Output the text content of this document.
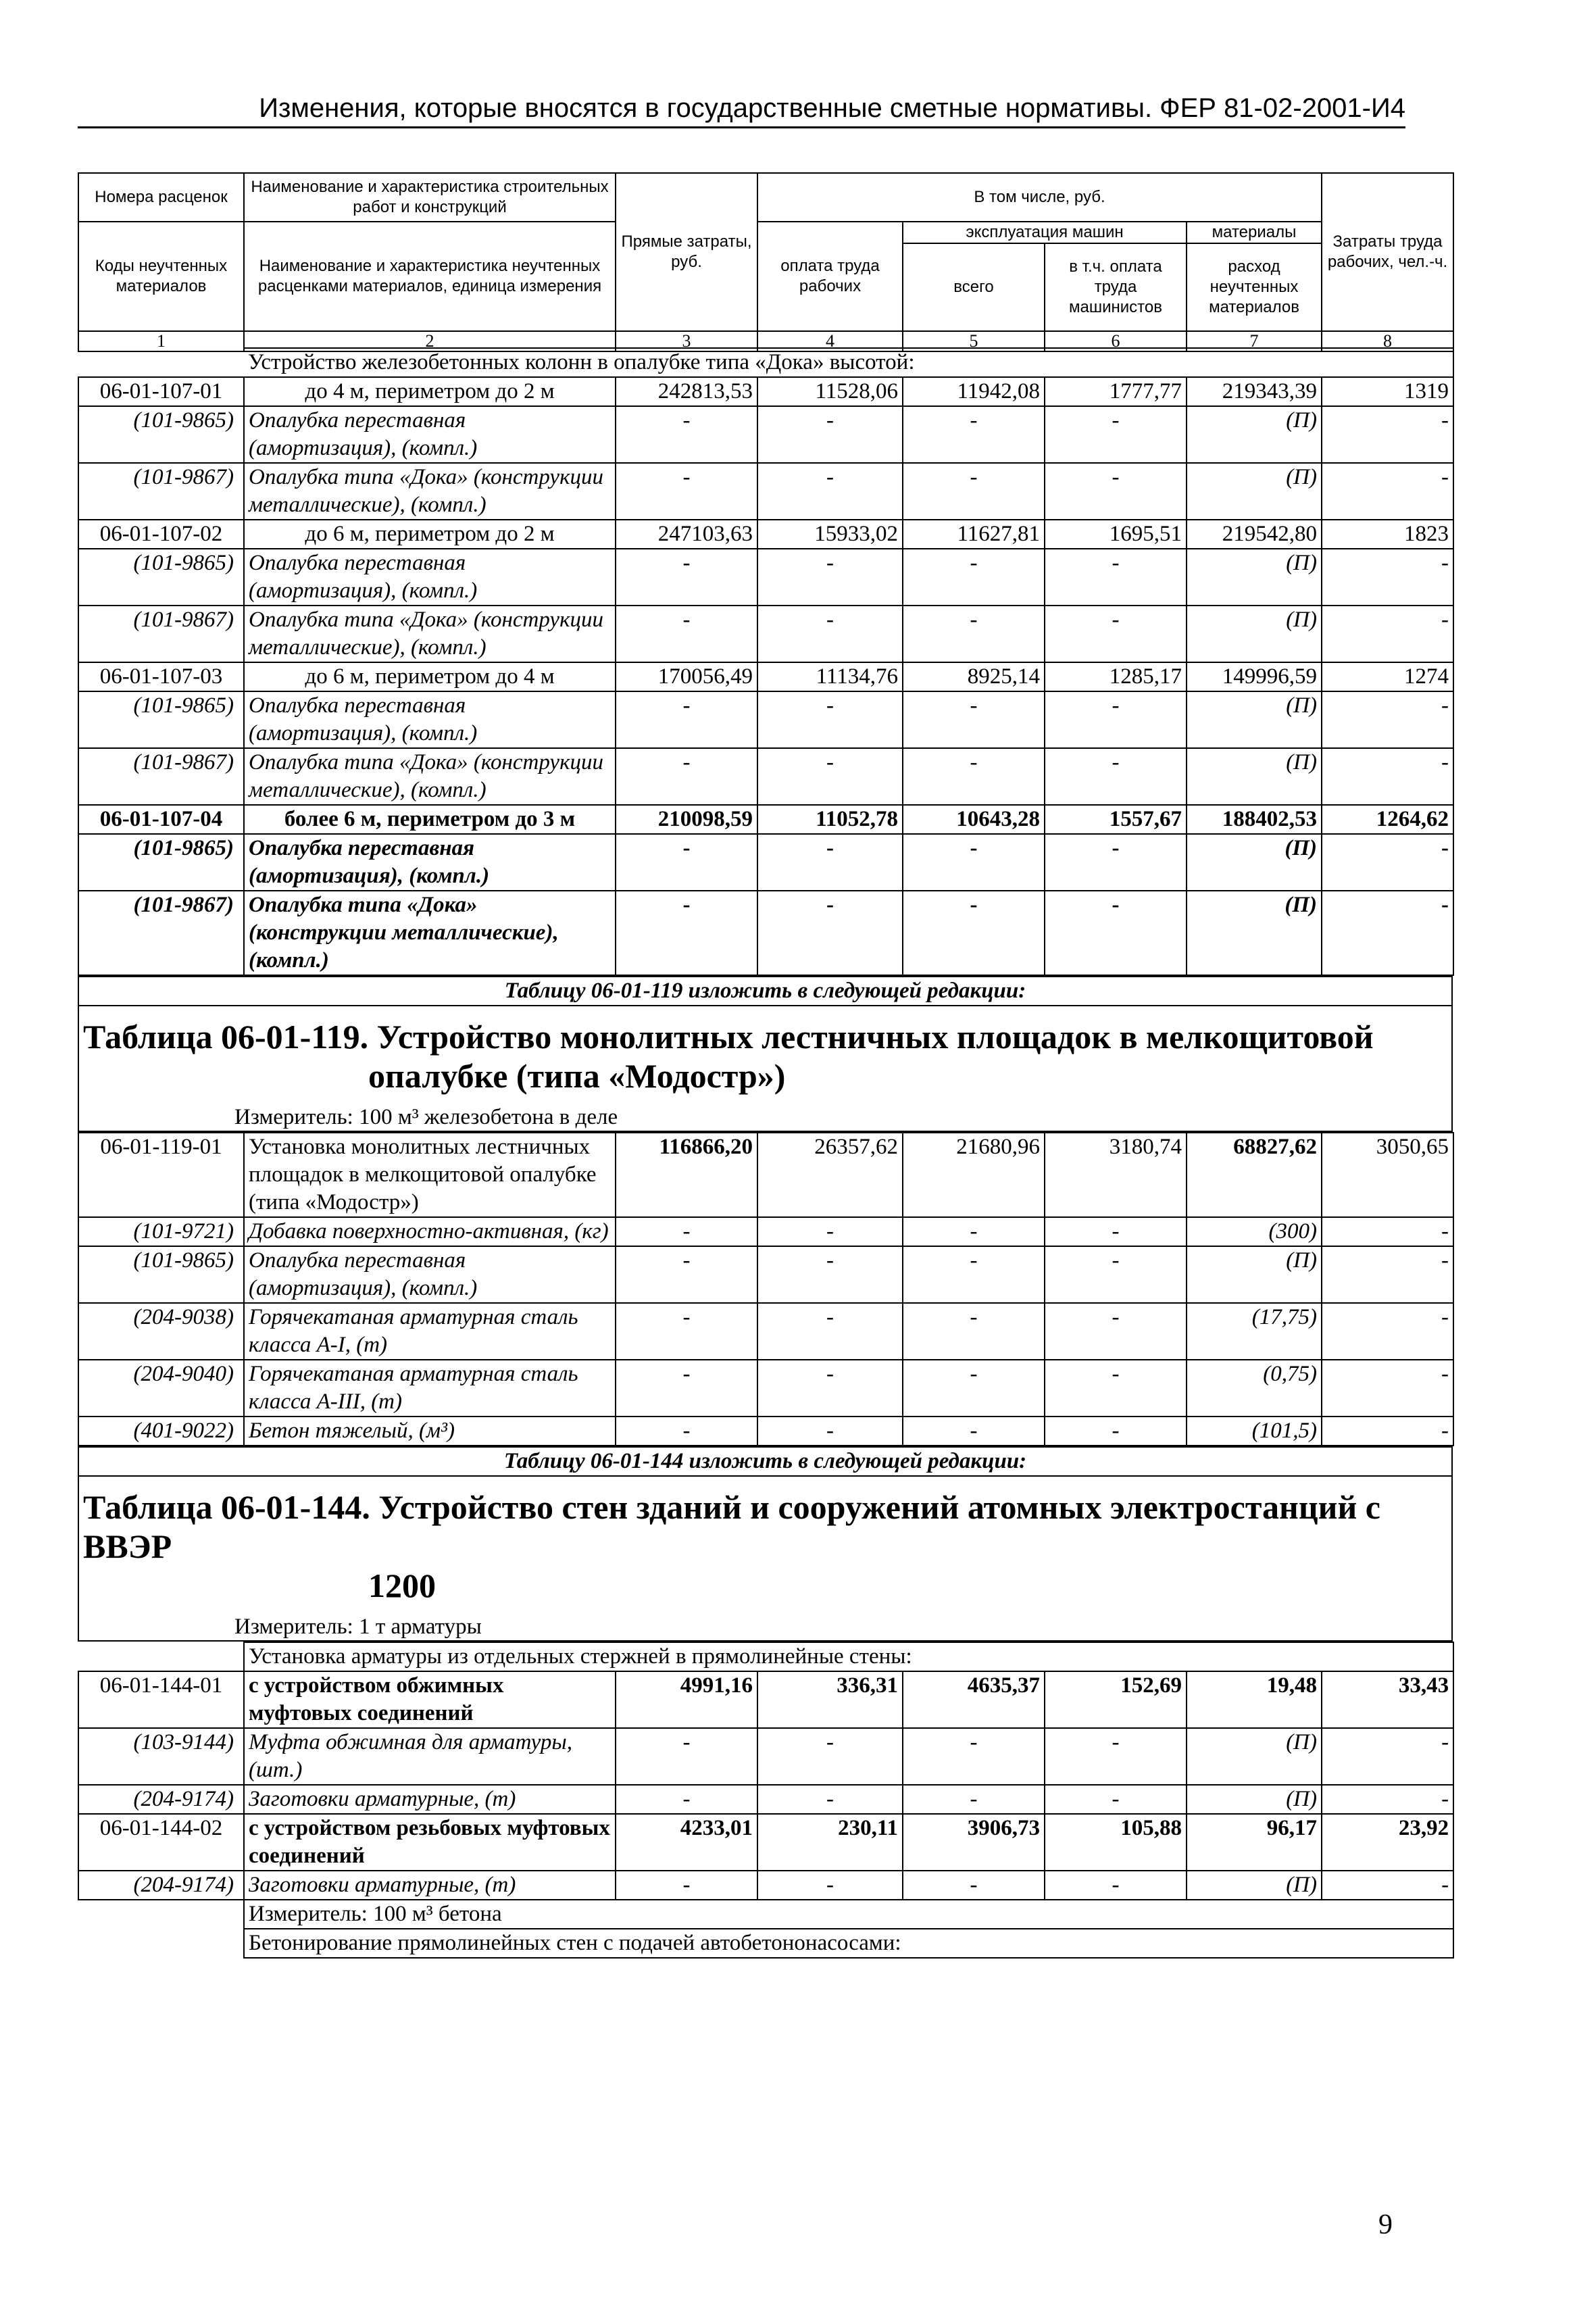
Изменения, которые вносятся в государственные сметные нормативы. ФЕР 81-02-2001-И4
Номера расценок	Наименование и характеристика строительных работ и конструкций	Прямые затраты, руб.	В том числе, руб.				Затраты труда рабочих, чел.-ч.
Коды неучтенных материалов	Наименование и характеристика неучтенных расценками материалов, единица измерения		оплата труда рабочих	эксплуатация машин		материалы	
				всего	в т.ч. оплата труда машинистов	расход неучтенных материалов	
1	2	3	4	5	6	7	8
	Устройство железобетонных колонн в опалубке типа «Дока» высотой:						
06-01-107-01	до 4 м, периметром до 2 м	242813,53	11528,06	11942,08	1777,77	219343,39	1319
(101-9865)	Опалубка переставная (амортизация), (компл.)	-	-	-	-	(П)	-
(101-9867)	Опалубка типа «Дока» (конструкции металлические), (компл.)	-	-	-	-	(П)	-
06-01-107-02	до 6 м, периметром до 2 м	247103,63	15933,02	11627,81	1695,51	219542,80	1823
(101-9865)	Опалубка переставная (амортизация), (компл.)	-	-	-	-	(П)	-
(101-9867)	Опалубка типа «Дока» (конструкции металлические), (компл.)	-	-	-	-	(П)	-
06-01-107-03	до 6 м, периметром до 4 м	170056,49	11134,76	8925,14	1285,17	149996,59	1274
(101-9865)	Опалубка переставная (амортизация), (компл.)	-	-	-	-	(П)	-
(101-9867)	Опалубка типа «Дока» (конструкции металлические), (компл.)	-	-	-	-	(П)	-
06-01-107-04	более 6 м, периметром до 3 м	210098,59	11052,78	10643,28	1557,67	188402,53	1264,62
(101-9865)	Опалубка переставная (амортизация), (компл.)	-	-	-	-	(П)	-
(101-9867)	Опалубка типа «Дока» (конструкции металлические), (компл.)	-	-	-	-	(П)	-
Таблицу 06-01-119 изложить в следующей редакции:
Таблица 06-01-119. Устройство монолитных лестничных площадок в мелкощитовой
опалубке (типа «Модостр»)
Измеритель: 100 м³ железобетона в деле
06-01-119-01	Установка монолитных лестничных площадок в мелкощитовой опалубке (типа «Модостр»)	116866,20	26357,62	21680,96	3180,74	68827,62	3050,65
(101-9721)	Добавка поверхностно-активная, (кг)	-	-	-	-	(300)	-
(101-9865)	Опалубка переставная (амортизация), (компл.)	-	-	-	-	(П)	-
(204-9038)	Горячекатаная арматурная сталь класса А-I, (т)	-	-	-	-	(17,75)	-
(204-9040)	Горячекатаная арматурная сталь класса А-III, (т)	-	-	-	-	(0,75)	-
(401-9022)	Бетон тяжелый, (м³)	-	-	-	-	(101,5)	-
Таблицу 06-01-144 изложить в следующей редакции:
Таблица 06-01-144. Устройство стен зданий и сооружений атомных электростанций с ВВЭР
1200
Измеритель: 1 т арматуры
	Установка арматуры из отдельных стержней в прямолинейные стены:						
06-01-144-01	с устройством обжимных муфтовых соединений	4991,16	336,31	4635,37	152,69	19,48	33,43
(103-9144)	Муфта обжимная для арматуры, (шт.)	-	-	-	-	(П)	-
(204-9174)	Заготовки арматурные, (т)	-	-	-	-	(П)	-
06-01-144-02	с устройством резьбовых муфтовых соединений	4233,01	230,11	3906,73	105,88	96,17	23,92
(204-9174)	Заготовки арматурные, (т)	-	-	-	-	(П)	-
	Измеритель: 100 м³ бетона						
	Бетонирование прямолинейных стен с подачей автобетононасосами:						
9
